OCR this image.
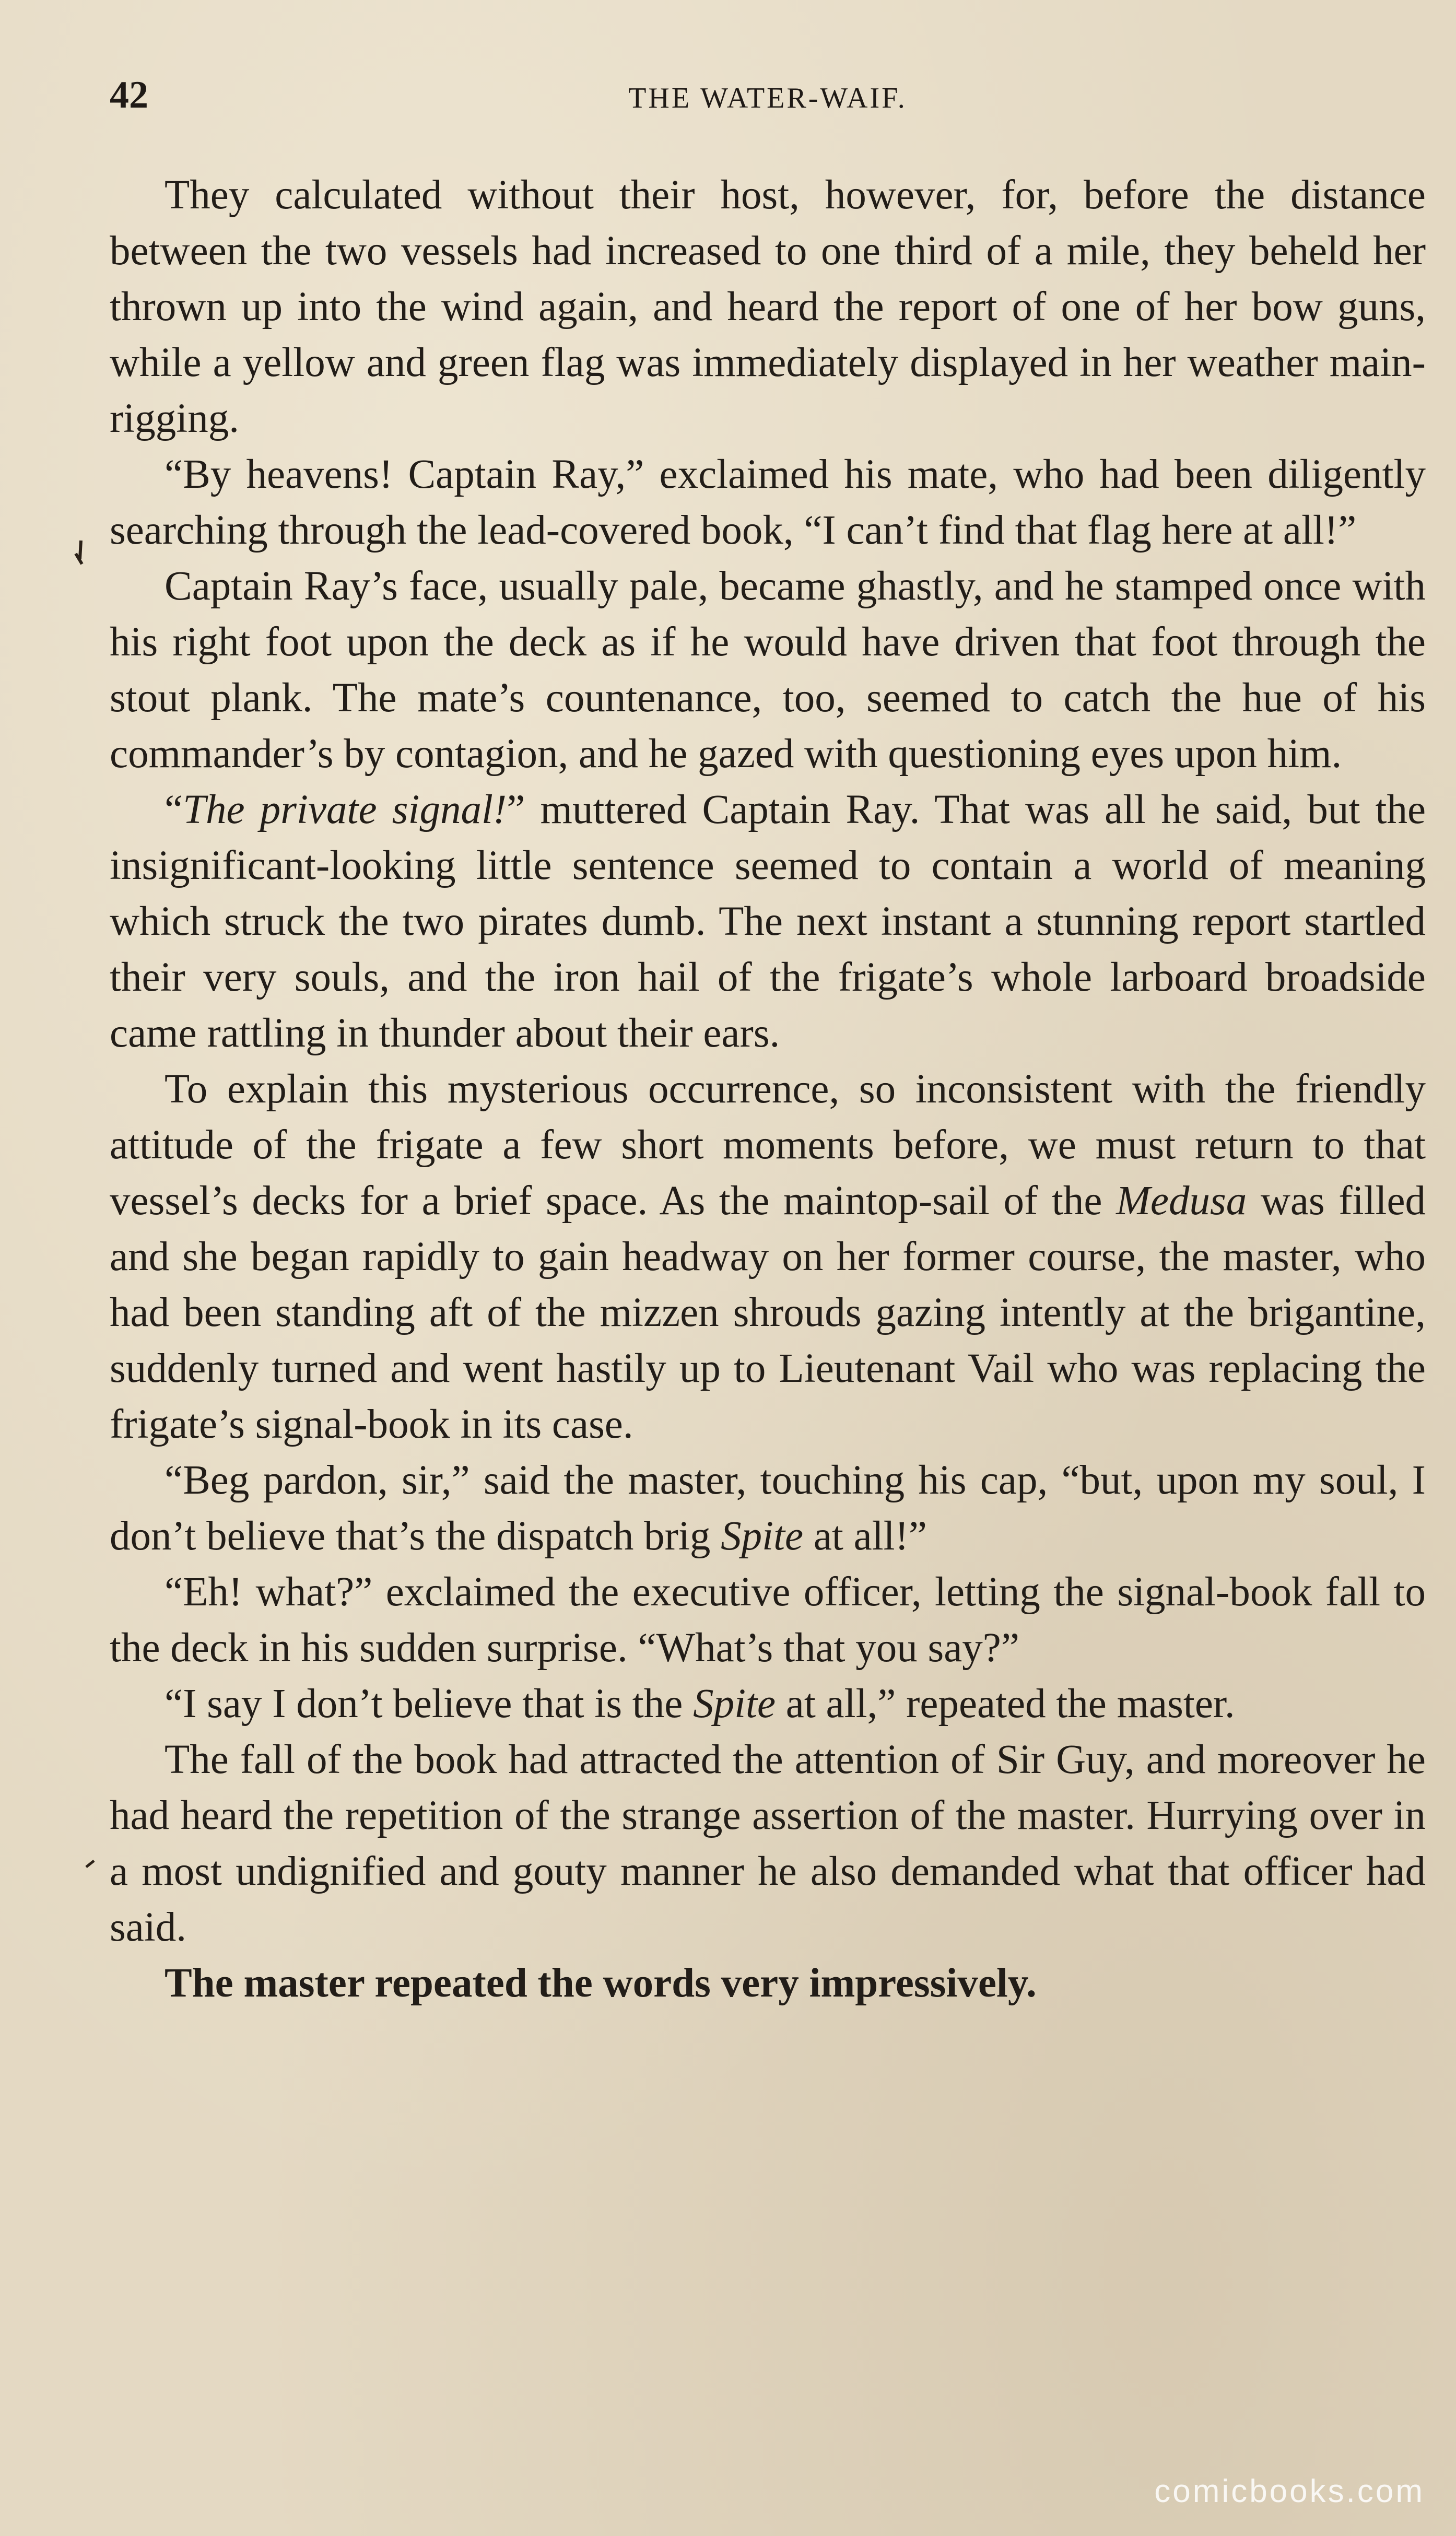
42	THE WATER-WAIF.

They calculated without their host, however, for, before the distance between the two vessels had increased to one third of a mile, they beheld her thrown up into the wind again, and heard the report of one of her bow guns, while a yellow and green flag was immediately displayed in her weather main-rigging.

“By heavens! Captain Ray,” exclaimed his mate, who had been diligently searching through the lead-covered book, “I can’t find that flag here at all!”

Captain Ray’s face, usually pale, became ghastly, and he stamped once with his right foot upon the deck as if he would have driven that foot through the stout plank. The mate’s countenance, too, seemed to catch the hue of his commander’s by contagion, and he gazed with questioning eyes upon him.

“The private signal!” muttered Captain Ray. That was all he said, but the insignificant-looking little sentence seemed to contain a world of meaning which struck the two pirates dumb. The next instant a stunning report startled their very souls, and the iron hail of the frigate’s whole larboard broadside came rattling in thunder about their ears.

To explain this mysterious occurrence, so inconsistent with the friendly attitude of the frigate a few short moments before, we must return to that vessel’s decks for a brief space. As the maintop-sail of the Medusa was filled and she began rapidly to gain headway on her former course, the master, who had been standing aft of the mizzen shrouds gazing intently at the brigantine, suddenly turned and went hastily up to Lieutenant Vail who was replacing the frigate’s signal-book in its case.

“Beg pardon, sir,” said the master, touching his cap, “but, upon my soul, I don’t believe that’s the dispatch brig Spite at all!”

“Eh! what?” exclaimed the executive officer, letting the signal-book fall to the deck in his sudden surprise. “What’s that you say?”

“I say I don’t believe that is the Spite at all,” repeated the master.

The fall of the book had attracted the attention of Sir Guy, and moreover he had heard the repetition of the strange assertion of the master. Hurrying over in a most undignified and gouty manner he also demanded what that officer had said.

The master repeated the words very impressively.

comicbooks.com
